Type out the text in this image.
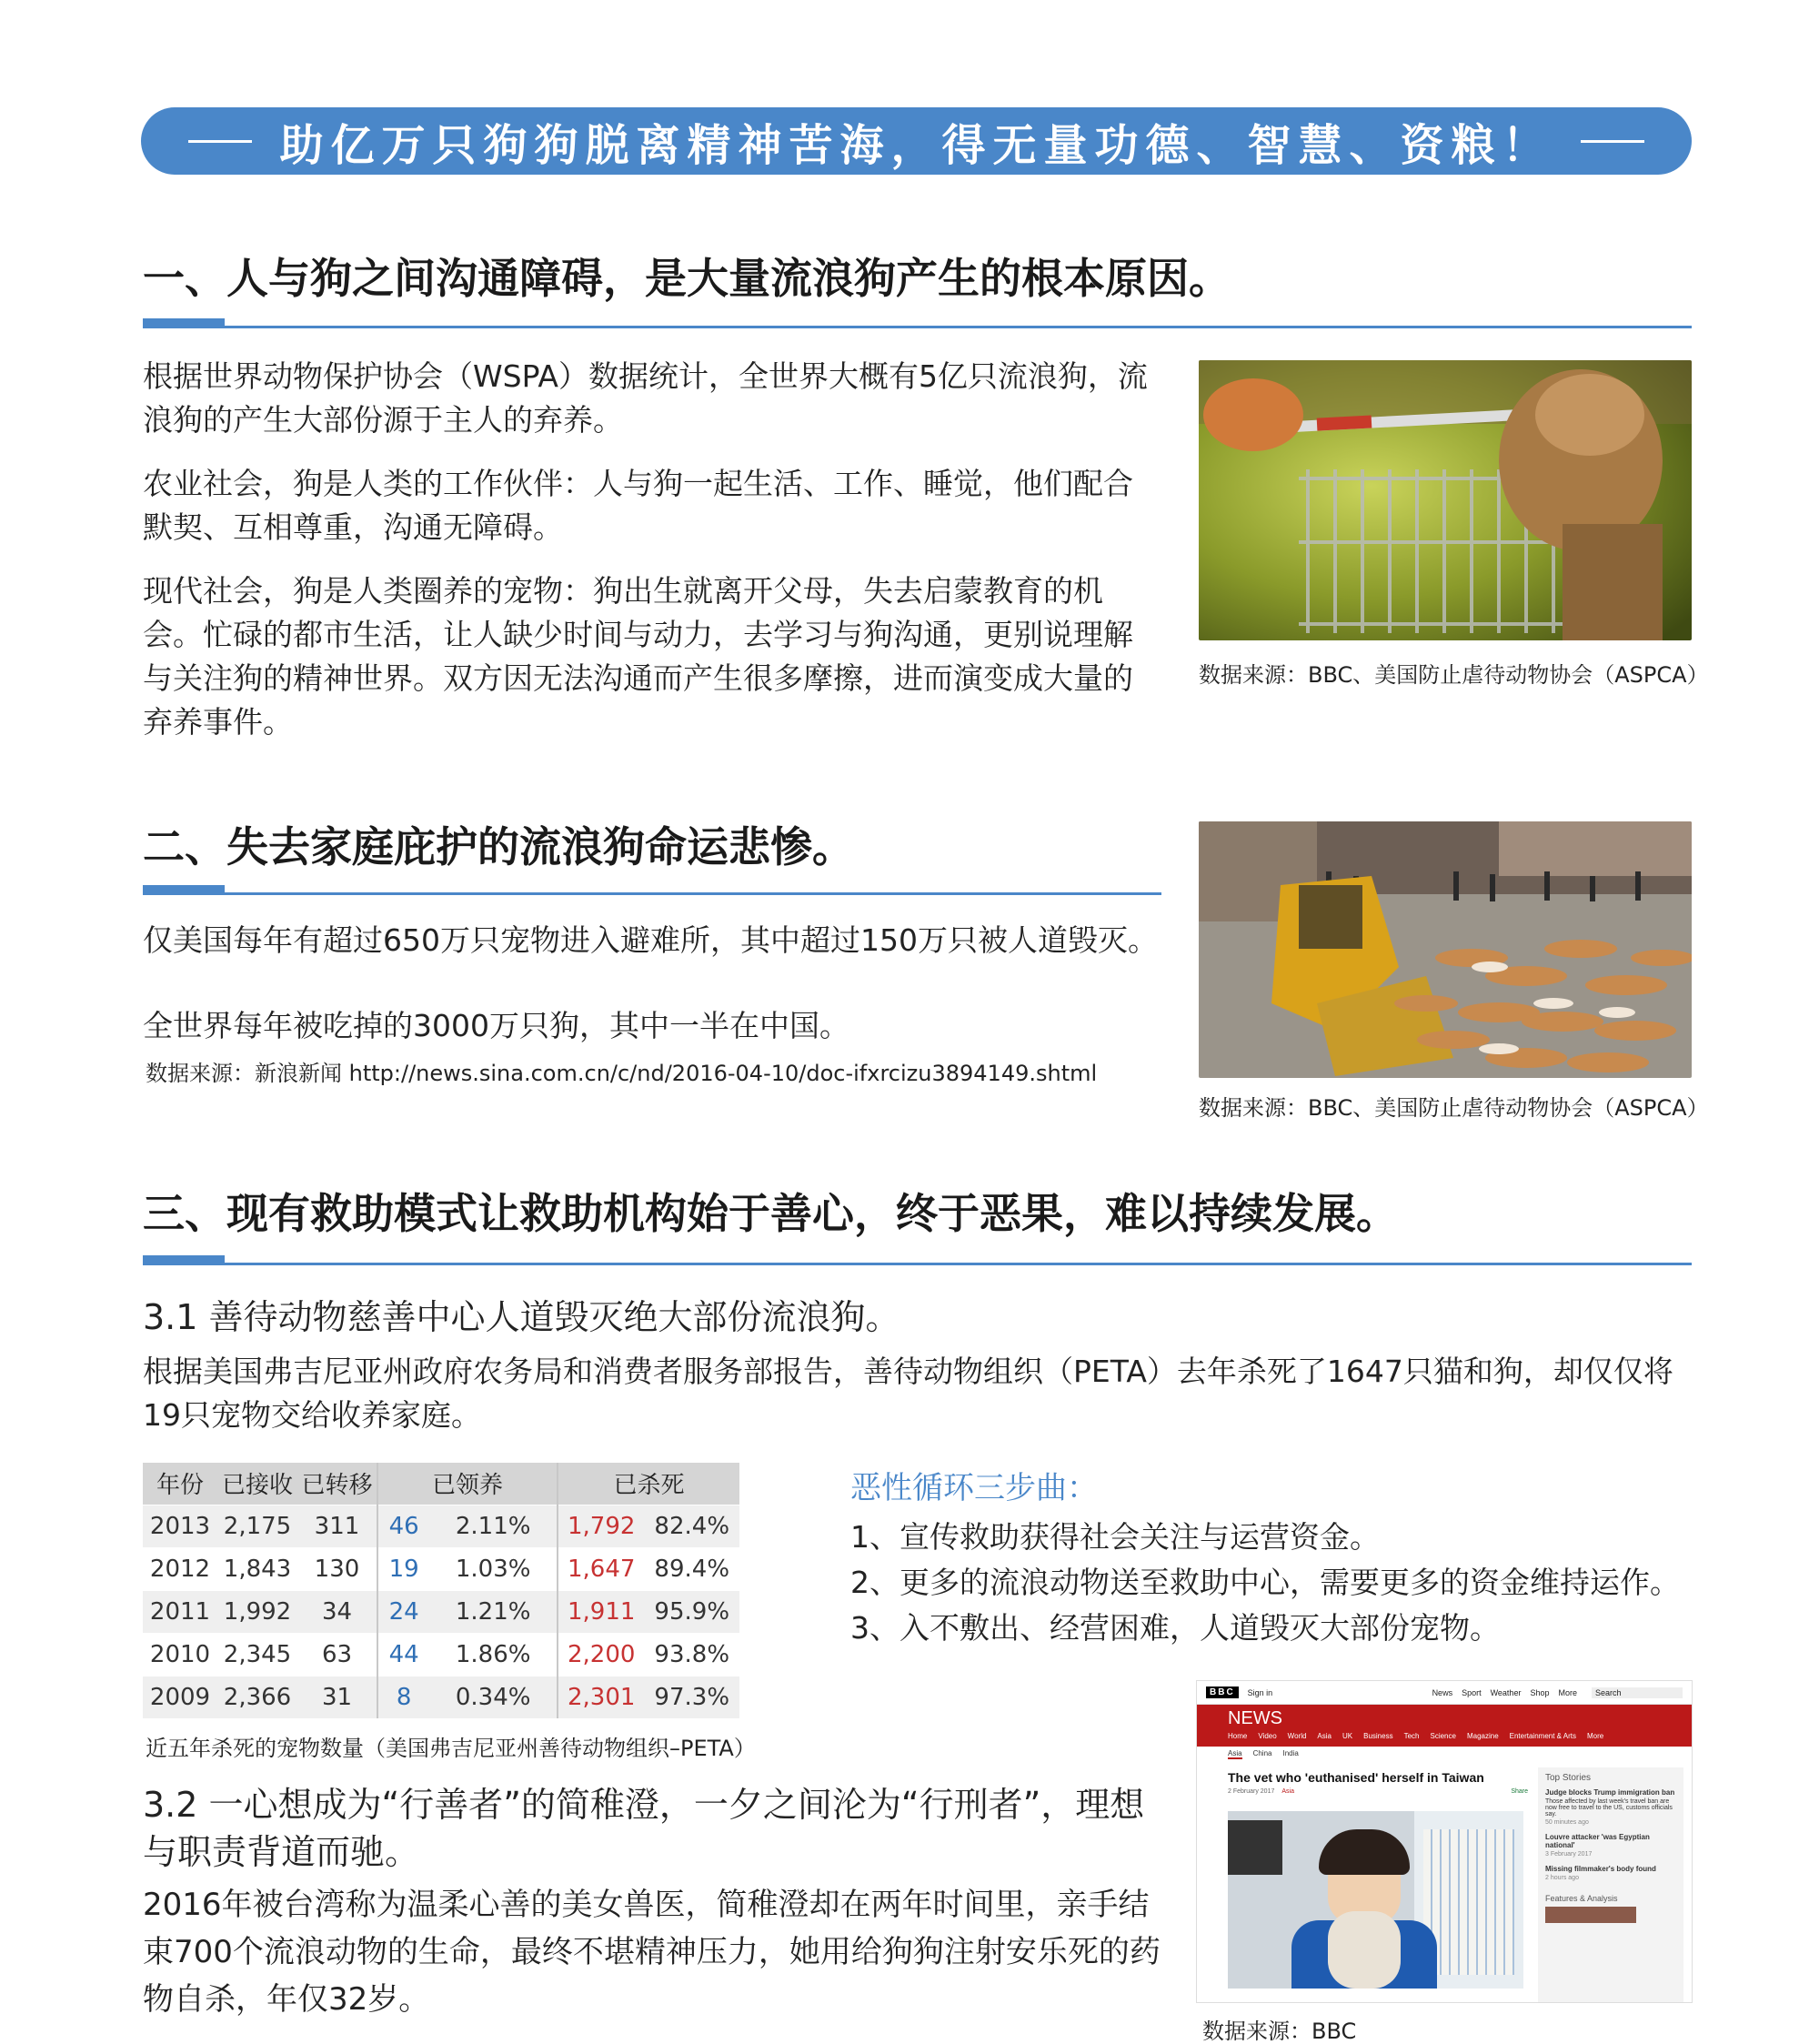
助亿万只狗狗脱离精神苦海，得无量功德、智慧、资粮！
一、人与狗之间沟通障碍，是大量流浪狗产生的根本原因。
根据世界动物保护协会（WSPA）数据统计，全世界大概有5亿只流浪狗，流浪狗的产生大部份源于主人的弃养。
农业社会，狗是人类的工作伙伴：人与狗一起生活、工作、睡觉，他们配合默契、互相尊重，沟通无障碍。
现代社会，狗是人类圈养的宠物：狗出生就离开父母，失去启蒙教育的机会。忙碌的都市生活，让人缺少时间与动力，去学习与狗沟通，更别说理解与关注狗的精神世界。双方因无法沟通而产生很多摩擦，进而演变成大量的弃养事件。
数据来源：BBC、美国防止虐待动物协会（ASPCA）
二、失去家庭庇护的流浪狗命运悲惨。
仅美国每年有超过650万只宠物进入避难所，其中超过150万只被人道毁灭。
全世界每年被吃掉的3000万只狗，其中一半在中国。
数据来源：新浪新闻 http://news.sina.com.cn/c/nd/2016-04-10/doc-ifxrcizu3894149.shtml
数据来源：BBC、美国防止虐待动物协会（ASPCA）
三、现有救助模式让救助机构始于善心，终于恶果，难以持续发展。
3.1 善待动物慈善中心人道毁灭绝大部份流浪狗。
根据美国弗吉尼亚州政府农务局和消费者服务部报告，善待动物组织（PETA）去年杀死了1647只猫和狗，却仅仅将19只宠物交给收养家庭。
年份	已接收	已转移	已领养		已杀死	
2013	2,175	311	46	2.11%	1,792	82.4%
2012	1,843	130	19	1.03%	1,647	89.4%
2011	1,992	34	24	1.21%	1,911	95.9%
2010	2,345	63	44	1.86%	2,200	93.8%
2009	2,366	31	8	0.34%	2,301	97.3%
近五年杀死的宠物数量（美国弗吉尼亚州善待动物组织–PETA）
恶性循环三步曲：
1、宣传救助获得社会关注与运营资金。
2、更多的流浪动物送至救助中心，需要更多的资金维持运作。
3、入不敷出、经营困难，人道毁灭大部份宠物。
3.2 一心想成为“行善者”的简稚澄，一夕之间沦为“行刑者”，理想与职责背道而驰。
2016年被台湾称为温柔心善的美女兽医，简稚澄却在两年时间里，亲手结束700个流浪动物的生命，最终不堪精神压力，她用给狗狗注射安乐死的药物自杀，年仅32岁。
BBC	Sign in	News Sport Weather Shop More	Search
NEWS
Home Video World Asia UK Business Tech Science Magazine Entertainment & Arts More
Asia China India
The vet who 'euthanised' herself in Taiwan
2 February 2017 Asia	Share
Top Stories
Judge blocks Trump immigration ban
Those affected by last week's travel ban are now free to travel to the US, customs officials say.
50 minutes ago
Louvre attacker 'was Egyptian national'
3 February 2017
Missing filmmaker's body found
2 hours ago
Features & Analysis
数据来源：BBC
